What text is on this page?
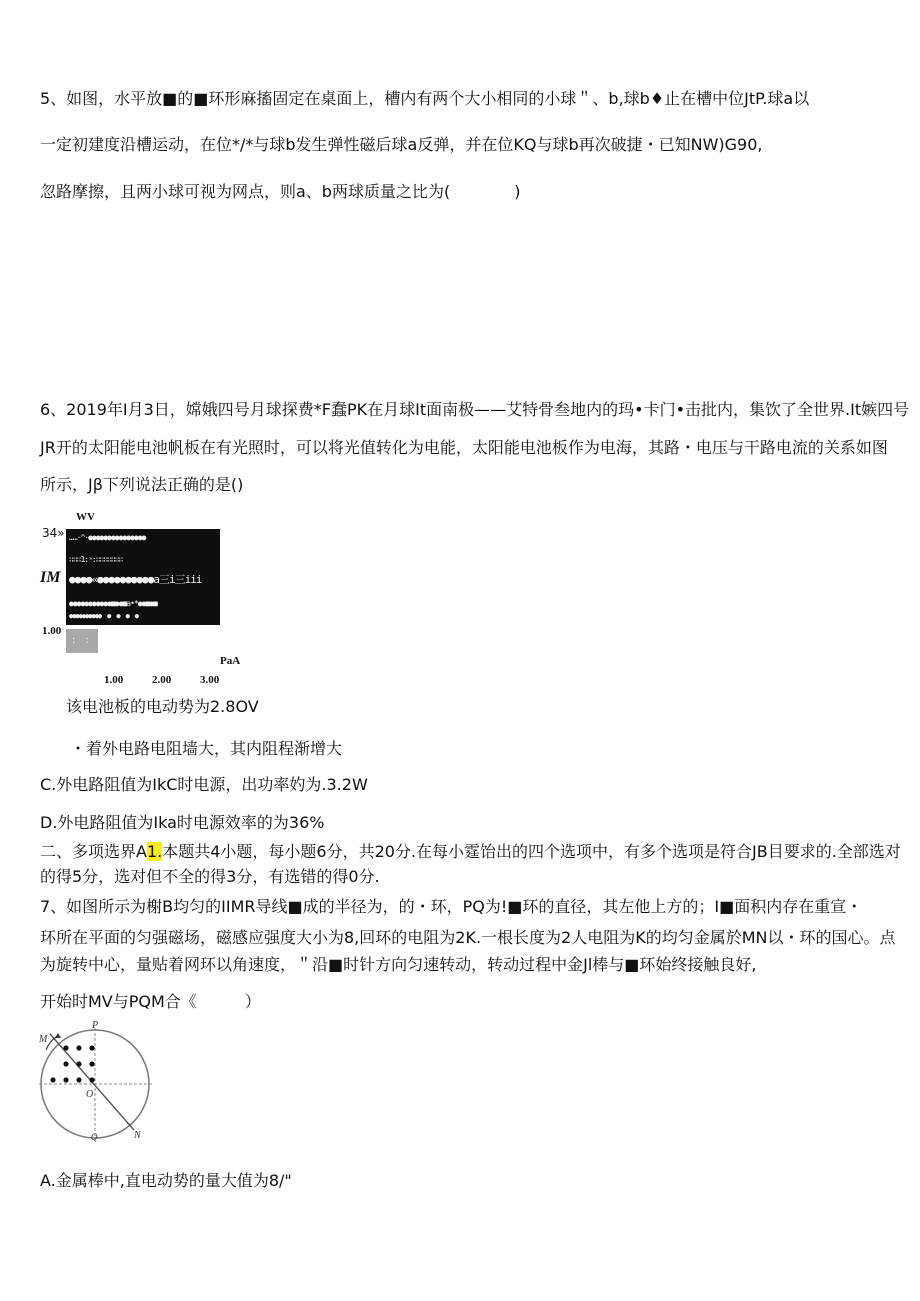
5、如图，水平放■的■环形麻搐固定在桌面上，槽内有两个大小相同的小球＂、b,球b♦止在槽中位JtP.球a以
一定初建度沿槽运动，在位*/*与球b发生弹性磁后球a反弹，并在位KQ与球b再次破捷・已知NW)G90,
忽路摩擦，且两小球可视为网点，则a、b两球质量之比为(　　　　)
6、2019年I月3日，嫦娥四号月球探费*F蠢PK在月球It面南极——艾特骨叁地内的玛•卡门•击批内，集饮了全世界.It嫉四号
JR开的太阳能电池帆板在有光照时，可以将光值转化为电能，太阳能电池板作为电海，其路・电压与干路电流的关系如图
所示，Jβ下列说法正确的是()
WV
34»
IM
……·^·●●●●●●●●●●●●●●●
∷∷∷1:ˢ:∷∷∷∷∷∷∷
●●●●«●●●●●●●●●●a三i三iii
●●●●●●●●●●●■●●■a•*●●■●■
●●●●●●●●●●　●　●　●　●
1.00
:　:
PaA
1.00	2.00	3.00
该电池板的电动势为2.8OV
・着外电路电阻墙大，其内阻程渐增大
C.外电路阻值为IkC时电源，出功率妁为.3.2W
D.外电路阻值为Ika时电源效率的为36%
二、多项选界A1.本题共4小题，每小题6分，共20分.在每小霆饴出的四个选项中，有多个选项是符合JB目要求的.全部选对
的得5分，选对但不全的得3分，有选错的得0分.
7、如图所示为榭B均匀的IIMR导线■成的半径为，的・环，PQ为!■环的直径，其左他上方的；I■面积内存在重宣・
环所在平面的匀强磁场，磁感应强度大小为8,回环的电阻为2K.一根长度为2人电阻为K的均匀金属於MN以・环的国心。点
为旋转中心，量贴着网环以角速度，＂沿■时针方向匀速转动，转动过程中金Jl棒与■环始终接触良好,
开始时MV与PQM合《　　　）
P
M
O
N
Q
A.金属棒中,直电动势的量大值为8/"
